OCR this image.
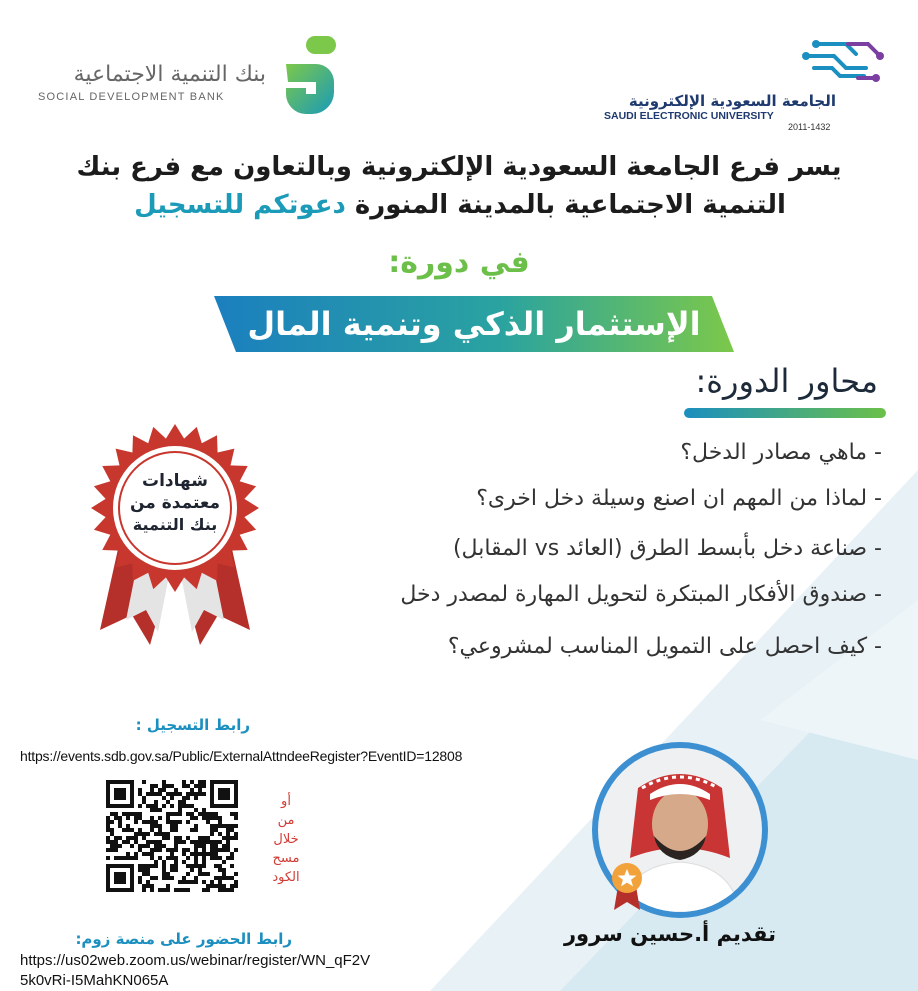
بنك التنمية الاجتماعية
SOCIAL DEVELOPMENT BANK	الجامعة السعودية الإلكترونية
SAUDI ELECTRONIC UNIVERSITY
2011-1432
يسر فرع الجامعة السعودية الإلكترونية وبالتعاون مع فرع بنك
التنمية الاجتماعية بالمدينة المنورة دعوتكم للتسجيل
في دورة:
الإستثمار الذكي وتنمية المال
محاور الدورة:
- ماهي مصادر الدخل؟
- لماذا من المهم ان اصنع وسيلة دخل اخرى؟
- صناعة دخل بأبسط الطرق (العائد vs المقابل)
- صندوق الأفكار المبتكرة لتحويل المهارة لمصدر دخل
- كيف احصل على التمويل المناسب لمشروعي؟
شهادات
معتمدة من
بنك التنمية
رابط التسجيل :
https://events.sdb.gov.sa/Public/ExternalAttndeeRegister?EventID=12808
أو
من
خلال
مسح
الكود
رابط الحضور على منصة زوم:
https://us02web.zoom.us/webinar/register/WN_qF2V
5k0vRi-I5MahKN065A
تقديم أ.حسين سرور
